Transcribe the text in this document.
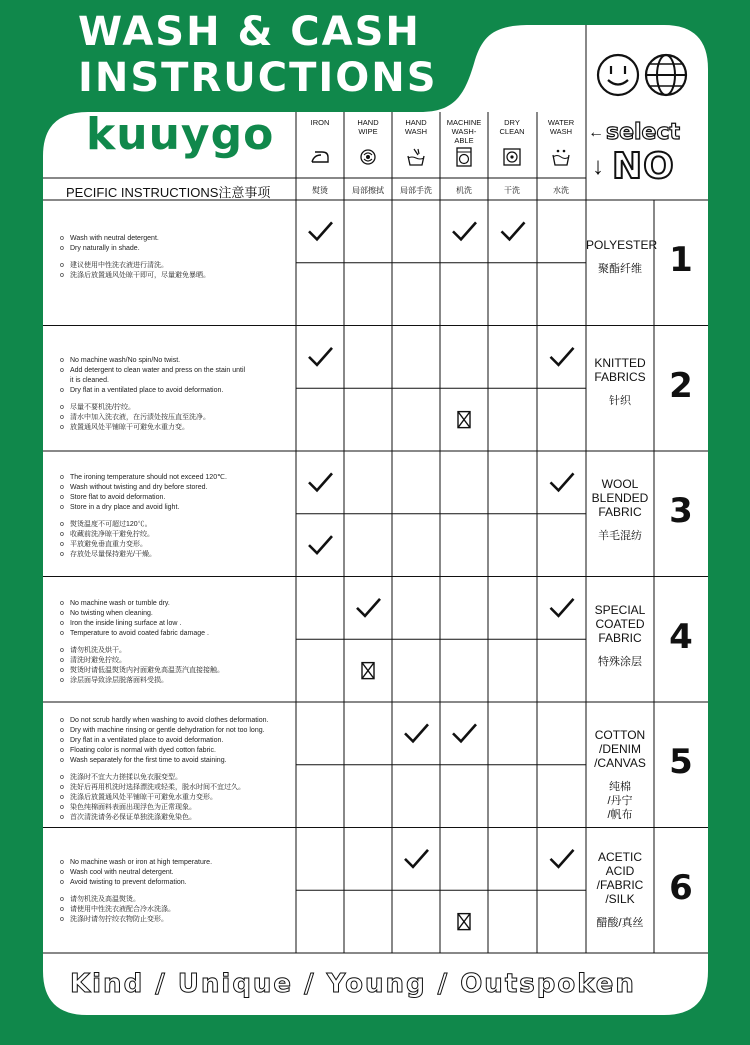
WASH & CASH
INSTRUCTIONS
← select
↓ NO
kuuygo
PECIFIC INSTRUCTIONS注意事项
IRON
熨烫
HAND
WIPE
局部擦拭
HAND
WASH
局部手洗
MACHINE
WASH-
ABLE
机洗
DRY
CLEAN
干洗
WATER
WASH
水洗

o Wash with neutral detergent.

o Dry naturally in shade.

o 建议使用中性洗衣液进行清洗。

o 洗涤后放置通风处晾干即可，尽量避免暴晒。

POLYESTER
聚酯纤维 1

o No machine wash/No spin/No twist.

o Add detergent to clean water and press on the stain until
it is cleaned.

o Dry flat in a ventilated place to avoid deformation.

o 尽量不要机洗/拧绞。

o 清水中加入洗衣液，在污渍处按压直至洗净。

o 放置通风处平铺晾干可避免水重力变。

KNITTED
FABRICS
针织	2

o The ironing temperature should not exceed 120℃.

o Wash without twisting and dry before stored.

o Store flat to avoid deformation.

o Store in a dry place and avoid light.

o 熨烫温度不可超过120℃。

o 收藏前洗净晾干避免拧绞。

o 平放避免垂直重力变形。

o 存放处尽量保持避光/干燥。

WOOL
BLENDED
FABRIC
羊毛混纺
3

o No machine wash or tumble dry.

o No twisting when cleaning.

o Iron the inside lining surface at low .

o Temperature to avoid coated fabric damage .

o 请勿机洗及烘干。

o 清洗时避免拧绞。

o 熨烫时请低温熨烫内衬面避免高温蒸汽直接接触。

o 涂层面导致涂层脱落面料受损。

SPECIAL
COATED
FABRIC
特殊涂层
4

o Do not scrub hardly when washing to avoid clothes deformation.

o Dry with machine rinsing or gentle dehydration for not too long.

o Dry flat in a ventilated place to avoid deformation.

o Floating color is normal with dyed cotton fabric.

o Wash separately for the first time to avoid staining.

o 洗涤时不宜大力搓揉以免衣服变型。

o 洗好后再用机洗时选择漂洗或轻柔，脱水时间不宜过久。

o 洗涤后放置通风处平铺晾干可避免水重力变形。

o 染色纯棉面料表面出现浮色为正常现象。

o 首次清洗请务必保证单独洗涤避免染色。

COTTON
/DENIM
/CANVAS
纯棉
/丹宁
/帆布
5

o No machine wash or iron at high temperature.

o Wash cool with neutral detergent.

o Avoid twisting to prevent deformation.

o 请勿机洗及高温熨烫。

o 请使用中性洗衣液配合冷水洗涤。

o 洗涤时请勿拧绞衣物防止变形。

ACETIC
ACID
/FABRIC
/SILK
醋酸/真丝
6
Kind / Unique / Young / Outspoken
